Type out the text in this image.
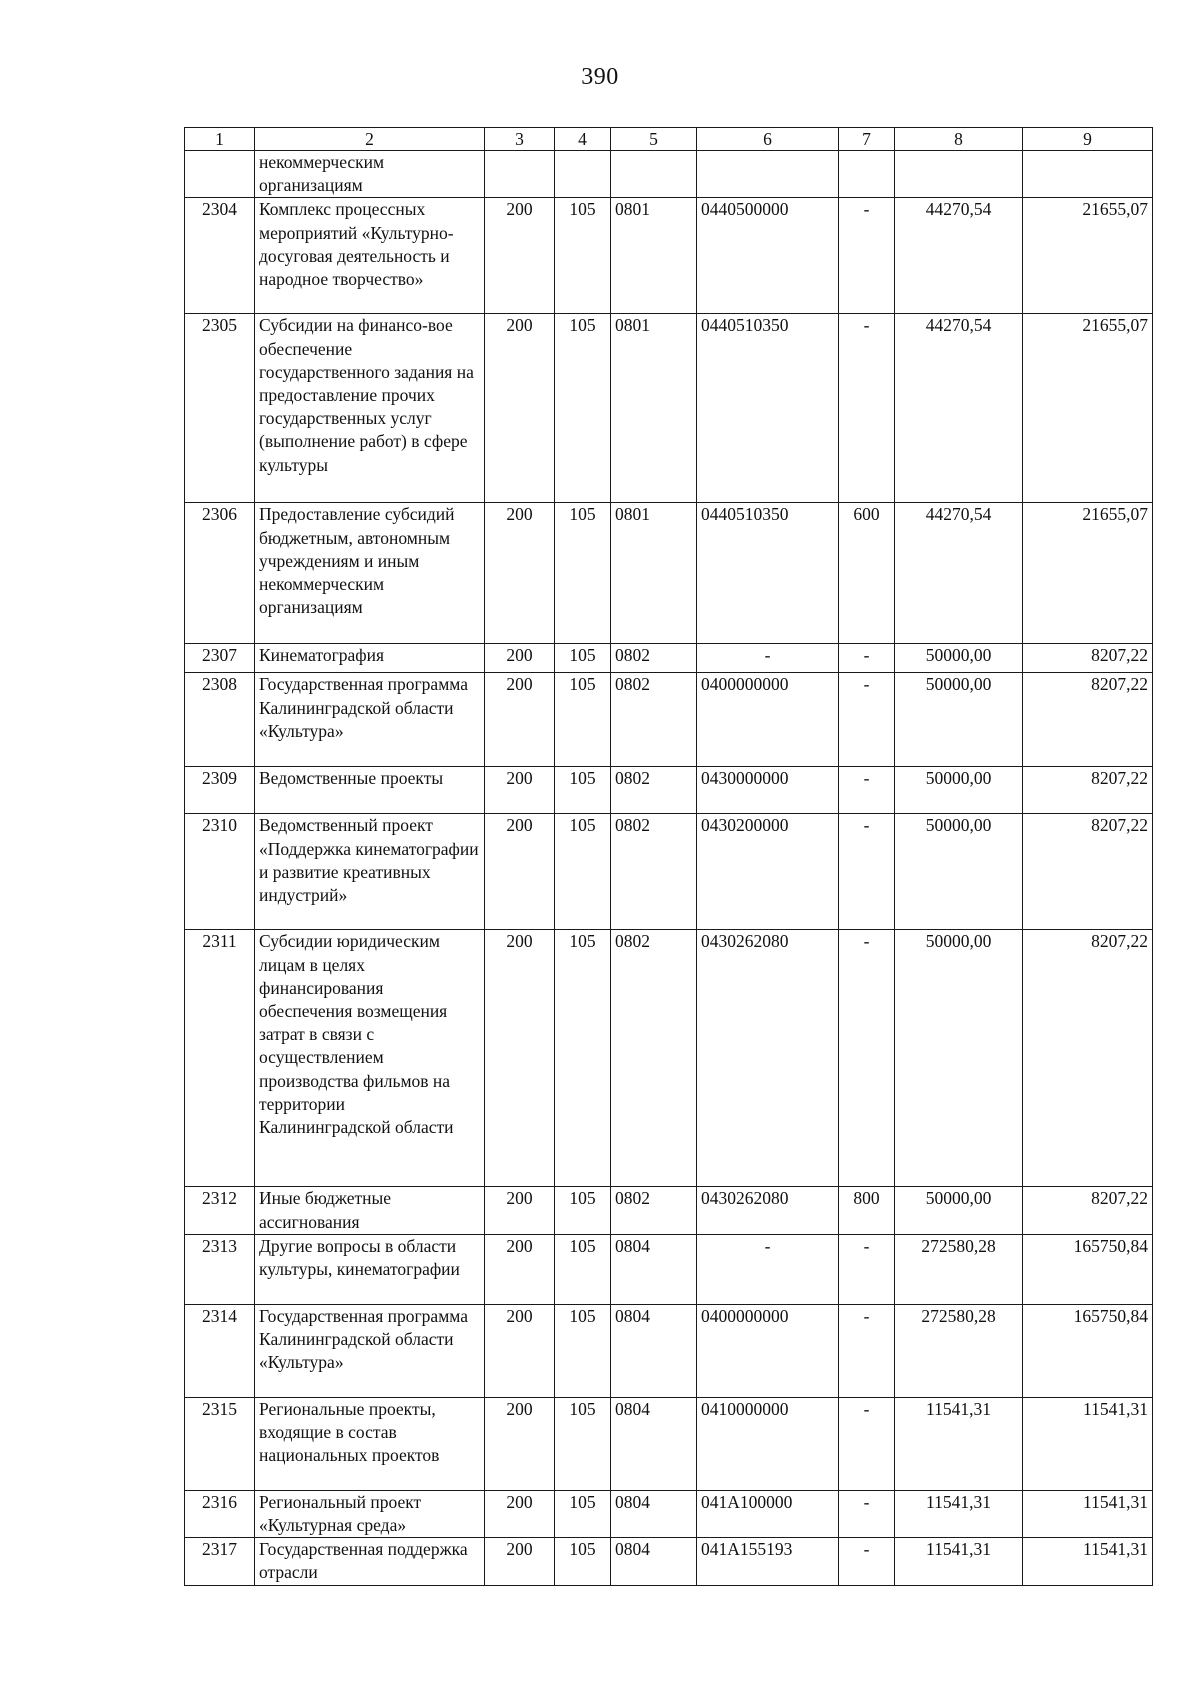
390
1	2	3	4	5	6	7	8	9
	некоммерческим организациям							
2304	Комплекс процессных мероприятий «Культурно-досуговая деятельность и народное творчество»	200	105	0801	0440500000	-	44270,54	21655,07
2305	Субсидии на финансо-вое обеспечение государственного задания на предоставление прочих государственных услуг (выполнение работ) в сфере культуры	200	105	0801	0440510350	-	44270,54	21655,07
2306	Предоставление субсидий бюджетным, автономным учреждениям и иным некоммерческим организациям	200	105	0801	0440510350	600	44270,54	21655,07
2307	Кинематография	200	105	0802	-	-	50000,00	8207,22
2308	Государственная программа Калининградской области «Культура»	200	105	0802	0400000000	-	50000,00	8207,22
2309	Ведомственные проекты	200	105	0802	0430000000	-	50000,00	8207,22
2310	Ведомственный проект «Поддержка кинематографии и развитие креативных индустрий»	200	105	0802	0430200000	-	50000,00	8207,22
2311	Субсидии юридическим лицам в целях финансирования обеспечения возмещения затрат в связи с осуществлением производства фильмов на территории Калининградской области	200	105	0802	0430262080	-	50000,00	8207,22
2312	Иные бюджетные ассигнования	200	105	0802	0430262080	800	50000,00	8207,22
2313	Другие вопросы в области культуры, кинематографии	200	105	0804	-	-	272580,28	165750,84
2314	Государственная программа Калининградской области «Культура»	200	105	0804	0400000000	-	272580,28	165750,84
2315	Региональные проекты, входящие в состав национальных проектов	200	105	0804	0410000000	-	11541,31	11541,31
2316	Региональный проект «Культурная среда»	200	105	0804	041A100000	-	11541,31	11541,31
2317	Государственная поддержка отрасли	200	105	0804	041A155193	-	11541,31	11541,31
